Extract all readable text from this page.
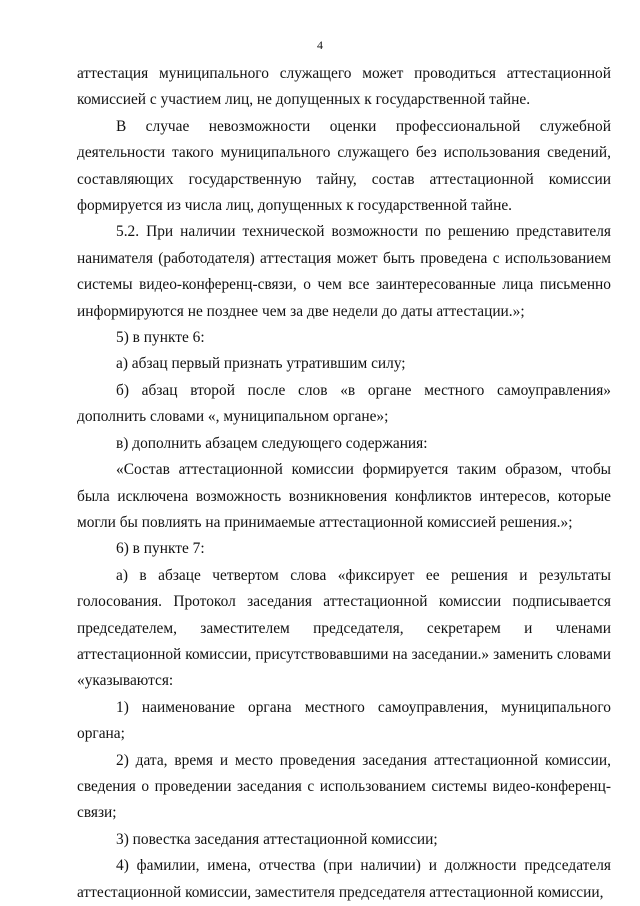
4

аттестация муниципального служащего может проводиться аттестационной комиссией с участием лиц, не допущенных к государственной тайне.

В случае невозможности оценки профессиональной служебной деятельности такого муниципального служащего без использования сведений, составляющих государственную тайну, состав аттестационной комиссии формируется из числа лиц, допущенных к государственной тайне.

5.2. При наличии технической возможности по решению представителя нанимателя (работодателя) аттестация может быть проведена с использованием системы видео-конференц-связи, о чем все заинтересованные лица письменно информируются не позднее чем за две недели до даты аттестации.»;

5) в пункте 6:

а) абзац первый признать утратившим силу;

б) абзац второй после слов «в органе местного самоуправления» дополнить словами «, муниципальном органе»;

в) дополнить абзацем следующего содержания:

«Состав аттестационной комиссии формируется таким образом, чтобы была исключена возможность возникновения конфликтов интересов, которые могли бы повлиять на принимаемые аттестационной комиссией решения.»;

6) в пункте 7:

а) в абзаце четвертом слова «фиксирует ее решения и результаты голосования. Протокол заседания аттестационной комиссии подписывается председателем, заместителем председателя, секретарем и членами аттестационной комиссии, присутствовавшими на заседании.» заменить словами «указываются:

1) наименование органа местного самоуправления, муниципального органа;

2) дата, время и место проведения заседания аттестационной комиссии, сведения о проведении заседания с использованием системы видео-конференц-связи;

3) повестка заседания аттестационной комиссии;

4) фамилии, имена, отчества (при наличии) и должности председателя аттестационной комиссии, заместителя председателя аттестационной комиссии,
